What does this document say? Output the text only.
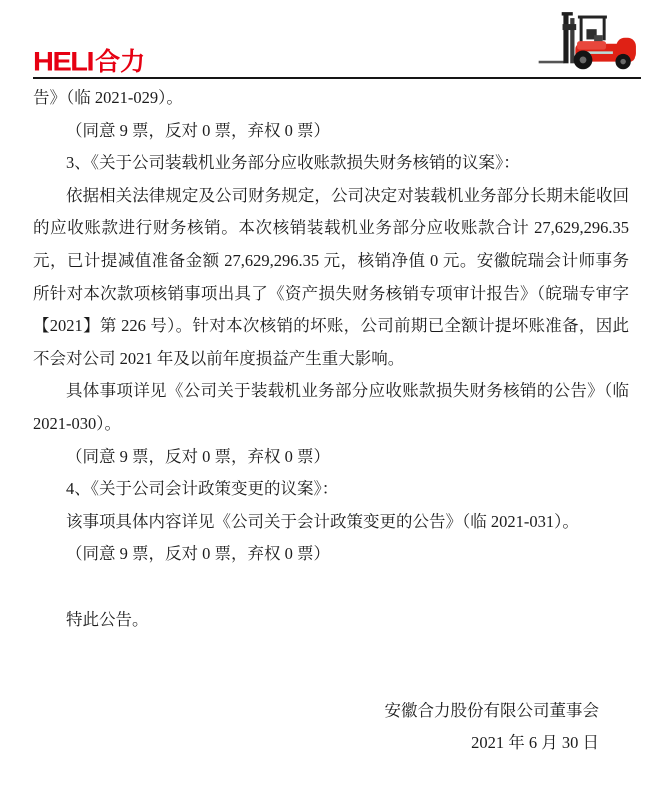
HELI 合力

告》（临 2021-029）。

（同意 9 票，反对 0 票，弃权 0 票）

3、《关于公司装载机业务部分应收账款损失财务核销的议案》：

依据相关法律规定及公司财务规定，公司决定对装载机业务部分长期未能收回的应收账款进行财务核销。本次核销装载机业务部分应收账款合计 27,629,296.35 元，已计提减值准备金额 27,629,296.35 元，核销净值 0 元。安徽皖瑞会计师事务所针对本次款项核销事项出具了《资产损失财务核销专项审计报告》（皖瑞专审字【2021】第 226 号）。针对本次核销的坏账，公司前期已全额计提坏账准备，因此不会对公司 2021 年及以前年度损益产生重大影响。

具体事项详见《公司关于装载机业务部分应收账款损失财务核销的公告》（临 2021-030）。

（同意 9 票，反对 0 票，弃权 0 票）

4、《关于公司会计政策变更的议案》：

该事项具体内容详见《公司关于会计政策变更的公告》（临 2021-031）。

（同意 9 票，反对 0 票，弃权 0 票）

特此公告。

安徽合力股份有限公司董事会

2021 年 6 月 30 日
